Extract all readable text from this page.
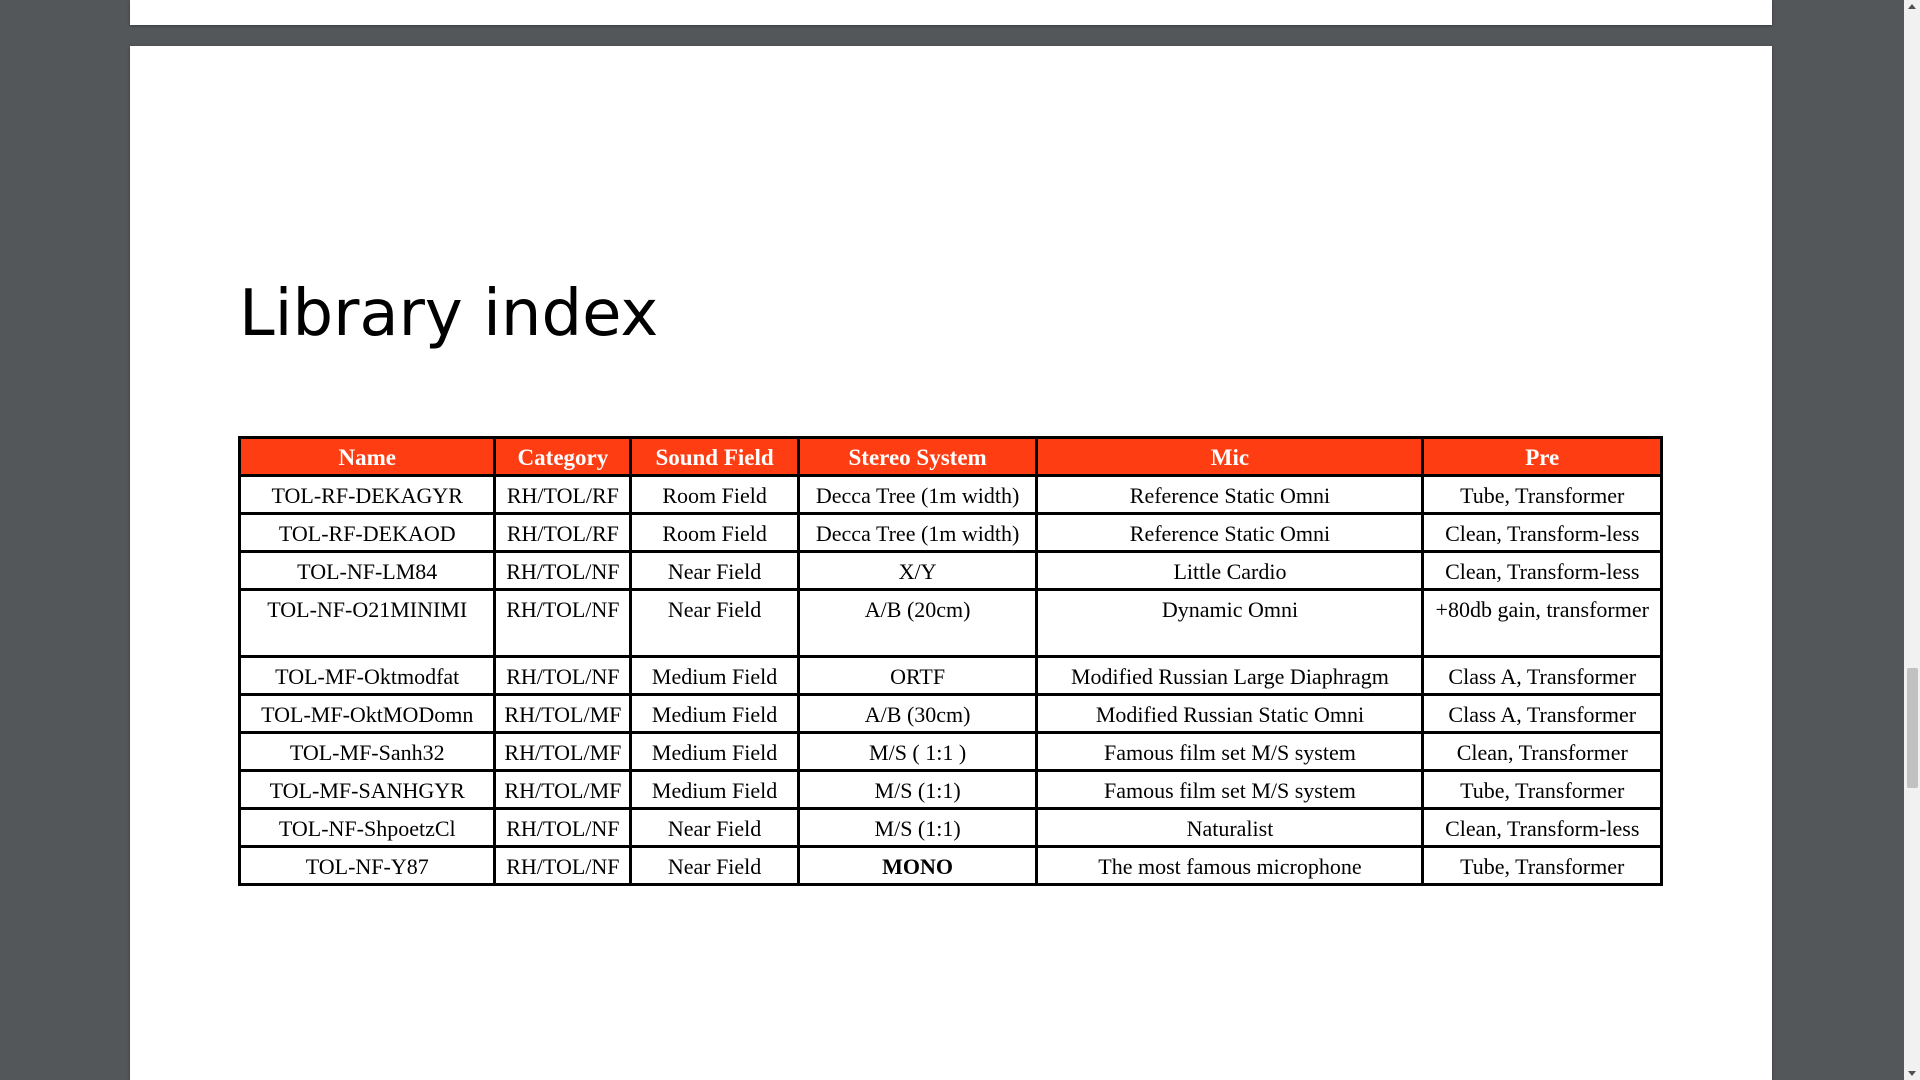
Library index
Name	Category	Sound Field	Stereo System	Mic	Pre
TOL-RF-DEKAGYR	RH/TOL/RF	Room Field	Decca Tree (1m width)	Reference Static Omni	Tube, Transformer
TOL-RF-DEKAOD	RH/TOL/RF	Room Field	Decca Tree (1m width)	Reference Static Omni	Clean, Transform-less
TOL-NF-LM84	RH/TOL/NF	Near Field	X/Y	Little Cardio	Clean, Transform-less
TOL-NF-O21MINIMI	RH/TOL/NF	Near Field	A/B (20cm)	Dynamic Omni	+80db gain, transformer
TOL-MF-Oktmodfat	RH/TOL/NF	Medium Field	ORTF	Modified Russian Large Diaphragm	Class A, Transformer
TOL-MF-OktMODomn	RH/TOL/MF	Medium Field	A/B (30cm)	Modified Russian Static Omni	Class A, Transformer
TOL-MF-Sanh32	RH/TOL/MF	Medium Field	M/S ( 1:1 )	Famous film set M/S system	Clean, Transformer
TOL-MF-SANHGYR	RH/TOL/MF	Medium Field	M/S (1:1)	Famous film set M/S system	Tube, Transformer
TOL-NF-ShpoetzCl	RH/TOL/NF	Near Field	M/S (1:1)	Naturalist	Clean, Transform-less
TOL-NF-Y87	RH/TOL/NF	Near Field	MONO	The most famous microphone	Tube, Transformer
